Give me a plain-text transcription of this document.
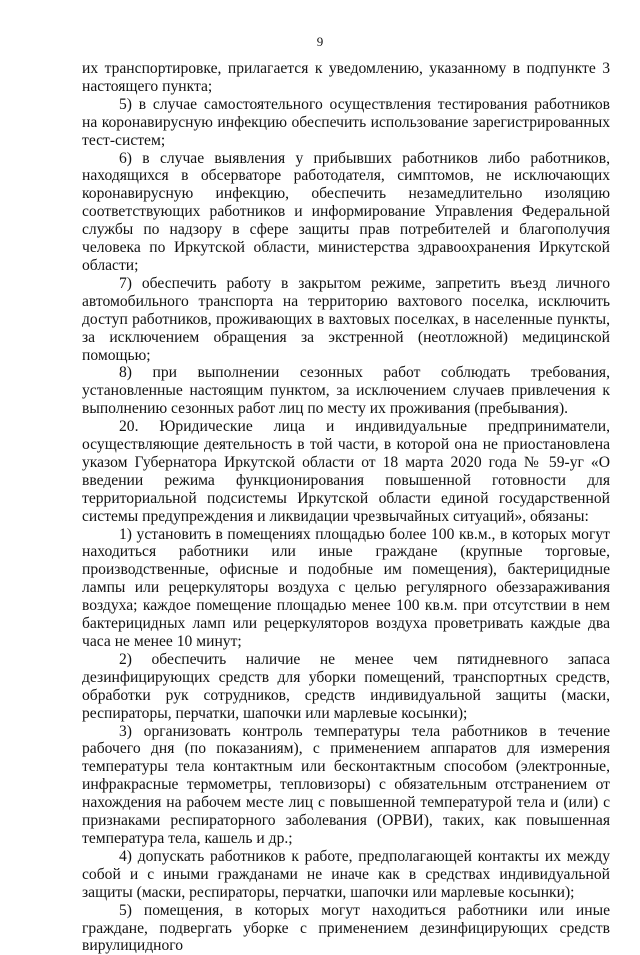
9

их транспортировке, прилагается к уведомлению, указанному в подпункте 3 настоящего пункта;

5) в случае самостоятельного осуществления тестирования работников на коронавирусную инфекцию обеспечить использование зарегистрированных тест-систем;

6) в случае выявления у прибывших работников либо работников, находящихся в обсерваторе работодателя, симптомов, не исключающих коронавирусную инфекцию, обеспечить незамедлительно изоляцию соответствующих работников и информирование Управления Федеральной службы по надзору в сфере защиты прав потребителей и благополучия человека по Иркутской области, министерства здравоохранения Иркутской области;

7) обеспечить работу в закрытом режиме, запретить въезд личного автомобильного транспорта на территорию вахтового поселка, исключить доступ работников, проживающих в вахтовых поселках, в населенные пункты, за исключением обращения за экстренной (неотложной) медицинской помощью;

8) при выполнении сезонных работ соблюдать требования, установленные настоящим пунктом, за исключением случаев привлечения к выполнению сезонных работ лиц по месту их проживания (пребывания).

20. Юридические лица и индивидуальные предприниматели, осуществляющие деятельность в той части, в которой она не приостановлена указом Губернатора Иркутской области от 18 марта 2020 года № 59-уг «О введении режима функционирования повышенной готовности для территориальной подсистемы Иркутской области единой государственной системы предупреждения и ликвидации чрезвычайных ситуаций», обязаны:

1) установить в помещениях площадью более 100 кв.м., в которых могут находиться работники или иные граждане (крупные торговые, производственные, офисные и подобные им помещения), бактерицидные лампы или рецеркуляторы воздуха с целью регулярного обеззараживания воздуха; каждое помещение площадью менее 100 кв.м. при отсутствии в нем бактерицидных ламп или рецеркуляторов воздуха проветривать каждые два часа не менее 10 минут;

2) обеспечить наличие не менее чем пятидневного запаса дезинфицирующих средств для уборки помещений, транспортных средств, обработки рук сотрудников, средств индивидуальной защиты (маски, респираторы, перчатки, шапочки или марлевые косынки);

3) организовать контроль температуры тела работников в течение рабочего дня (по показаниям), с применением аппаратов для измерения температуры тела контактным или бесконтактным способом (электронные, инфракрасные термометры, тепловизоры) с обязательным отстранением от нахождения на рабочем месте лиц с повышенной температурой тела и (или) с признаками респираторного заболевания (ОРВИ), таких, как повышенная температура тела, кашель и др.;

4) допускать работников к работе, предполагающей контакты их между собой и с иными гражданами не иначе как в средствах индивидуальной защиты (маски, респираторы, перчатки, шапочки или марлевые косынки);

5) помещения, в которых могут находиться работники или иные граждане, подвергать уборке с применением дезинфицирующих средств вирулицидного
